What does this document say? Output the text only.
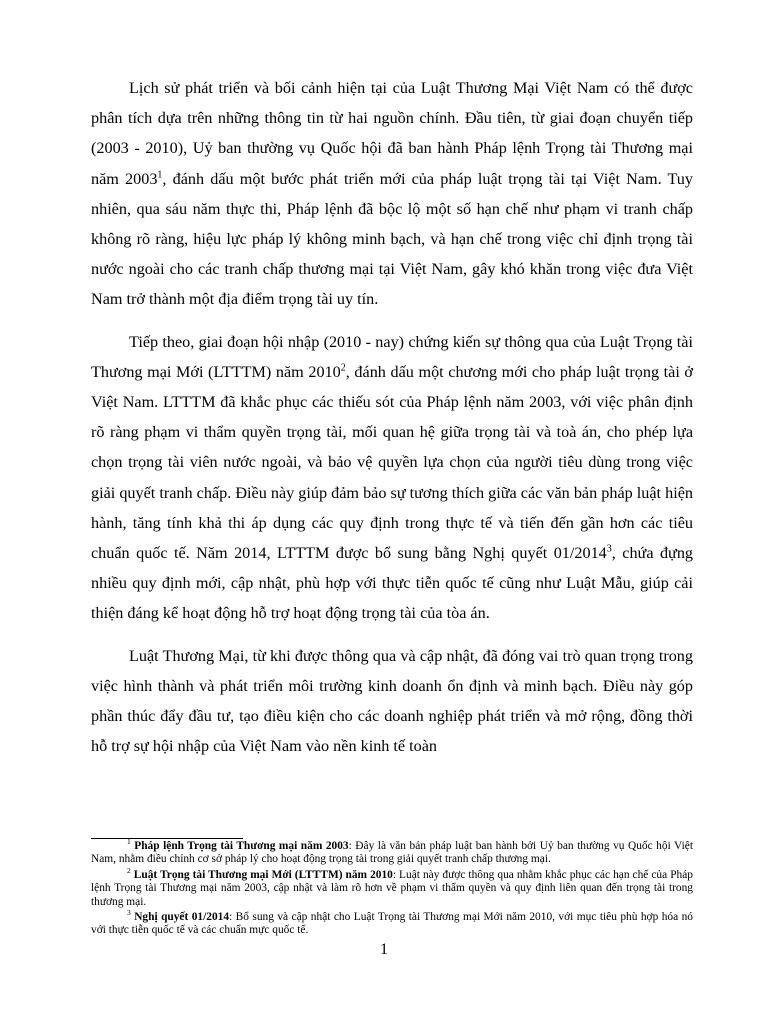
Lịch sử phát triển và bối cảnh hiện tại của Luật Thương Mại Việt Nam có thể được phân tích dựa trên những thông tin từ hai nguồn chính. Đầu tiên, từ giai đoạn chuyển tiếp (2003 - 2010), Uỷ ban thường vụ Quốc hội đã ban hành Pháp lệnh Trọng tài Thương mại năm 2003$^1$, đánh dấu một bước phát triển mới của pháp luật trọng tài tại Việt Nam. Tuy nhiên, qua sáu năm thực thi, Pháp lệnh đã bộc lộ một số hạn chế như phạm vi tranh chấp không rõ ràng, hiệu lực pháp lý không minh bạch, và hạn chế trong việc chỉ định trọng tài nước ngoài cho các tranh chấp thương mại tại Việt Nam, gây khó khăn trong việc đưa Việt Nam trở thành một địa điểm trọng tài uy tín.

Tiếp theo, giai đoạn hội nhập (2010 - nay) chứng kiến sự thông qua của Luật Trọng tài Thương mại Mới (LTTTM) năm 2010$^2$, đánh dấu một chương mới cho pháp luật trọng tài ở Việt Nam. LTTTM đã khắc phục các thiếu sót của Pháp lệnh năm 2003, với việc phân định rõ ràng phạm vi thẩm quyền trọng tài, mối quan hệ giữa trọng tài và toà án, cho phép lựa chọn trọng tài viên nước ngoài, và bảo vệ quyền lựa chọn của người tiêu dùng trong việc giải quyết tranh chấp. Điều này giúp đảm bảo sự tương thích giữa các văn bản pháp luật hiện hành, tăng tính khả thi áp dụng các quy định trong thực tế và tiến đến gần hơn các tiêu chuẩn quốc tế. Năm 2014, LTTTM được bổ sung bằng Nghị quyết 01/2014$^3$, chứa đựng nhiều quy định mới, cập nhật, phù hợp với thực tiễn quốc tế cũng như Luật Mẫu, giúp cải thiện đáng kể hoạt động hỗ trợ hoạt động trọng tài của tòa án.

Luật Thương Mại, từ khi được thông qua và cập nhật, đã đóng vai trò quan trọng trong việc hình thành và phát triển môi trường kinh doanh ổn định và minh bạch. Điều này góp phần thúc đẩy đầu tư, tạo điều kiện cho các doanh nghiệp phát triển và mở rộng, đồng thời hỗ trợ sự hội nhập của Việt Nam vào nền kinh tế toàn

$^1$ Pháp lệnh Trọng tài Thương mại năm 2003: Đây là văn bản pháp luật ban hành bởi Uỷ ban thường vụ Quốc hội Việt Nam, nhằm điều chỉnh cơ sở pháp lý cho hoạt động trọng tài trong giải quyết tranh chấp thương mại.
$^2$ Luật Trọng tài Thương mại Mới (LTTTM) năm 2010: Luật này được thông qua nhằm khắc phục các hạn chế của Pháp lệnh Trọng tài Thương mại năm 2003, cập nhật và làm rõ hơn về phạm vi thẩm quyền và quy định liên quan đến trọng tài trong thương mại.
$^3$ Nghị quyết 01/2014: Bổ sung và cập nhật cho Luật Trọng tài Thương mại Mới năm 2010, với mục tiêu phù hợp hóa nó với thực tiễn quốc tế và các chuẩn mực quốc tế.
1
